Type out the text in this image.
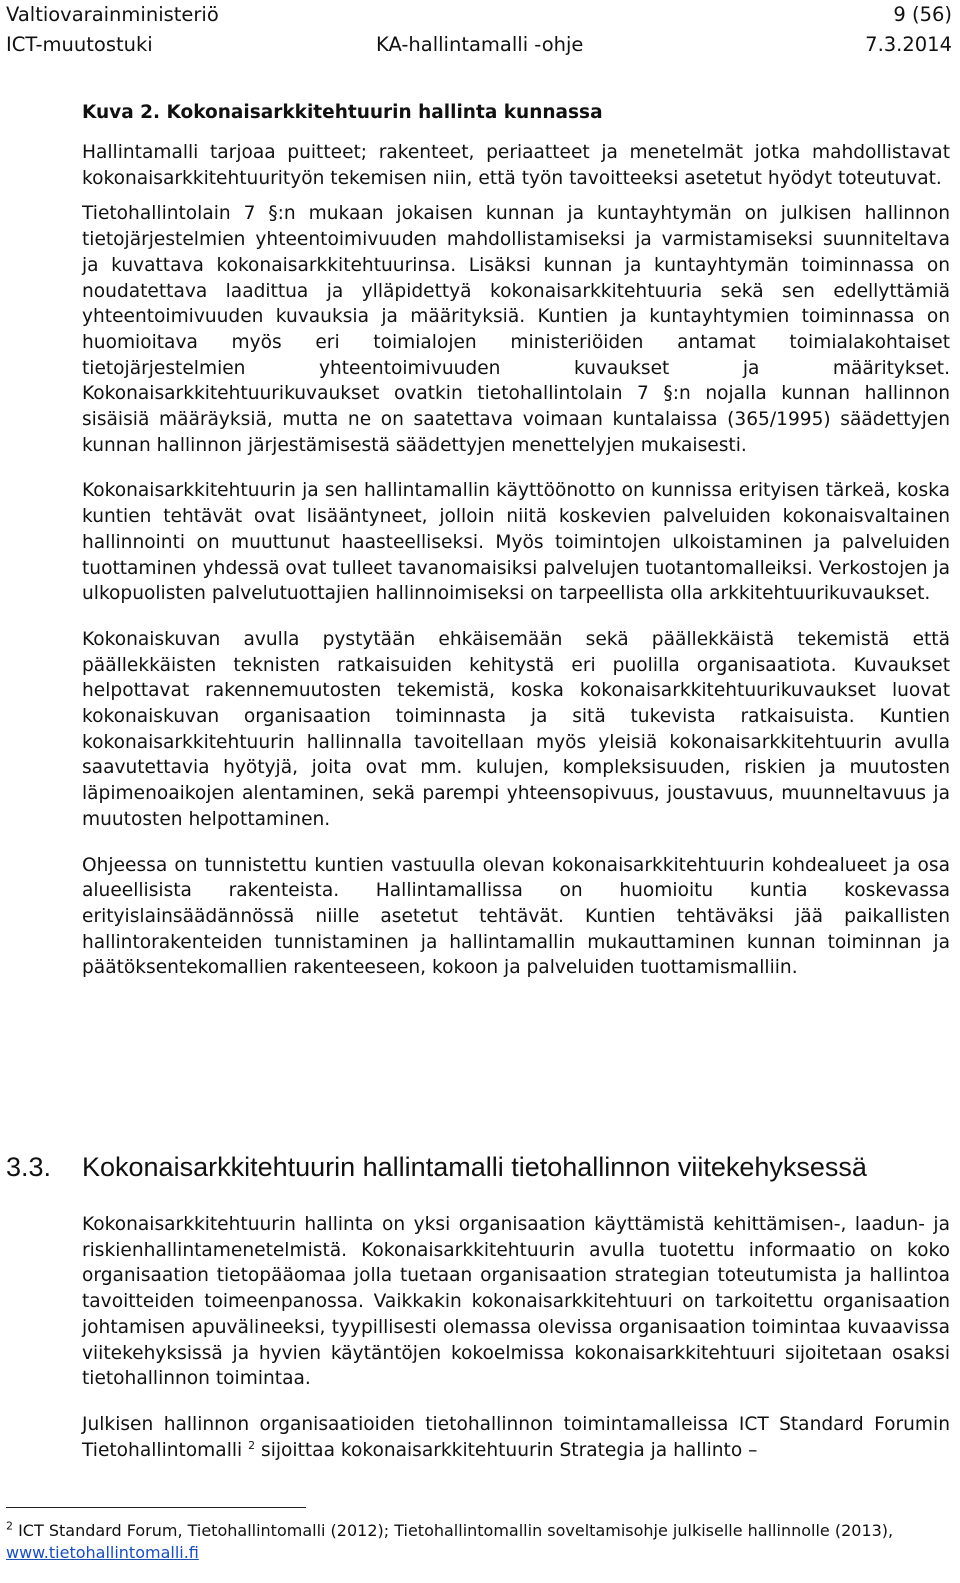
Valtiovarainministeriö	9 (56)
ICT-muutostuki	KA-hallintamalli -ohje	7.3.2014
Kuva 2. Kokonaisarkkitehtuurin hallinta kunnassa

Hallintamalli tarjoaa puitteet; rakenteet, periaatteet ja menetelmät jotka mahdollistavat kokonaisarkkitehtuurityön tekemisen niin, että työn tavoitteeksi asetetut hyödyt toteutuvat.

Tietohallintolain 7 §:n mukaan jokaisen kunnan ja kuntayhtymän on julkisen hallinnon tietojärjestelmien yhteentoimivuuden mahdollistamiseksi ja varmistamiseksi suunniteltava ja kuvattava kokonaisarkkitehtuurinsa. Lisäksi kunnan ja kuntayhtymän toiminnassa on noudatettava laadittua ja ylläpidettyä kokonaisarkkitehtuuria sekä sen edellyttämiä yhteentoimivuuden kuvauksia ja määrityksiä. Kuntien ja kuntayhtymien toiminnassa on huomioitava myös eri toimialojen ministeriöiden antamat toimialakohtaiset tietojärjestelmien yhteentoimivuuden kuvaukset ja määritykset. Kokonaisarkkitehtuurikuvaukset ovatkin tietohallintolain 7 §:n nojalla kunnan hallinnon sisäisiä määräyksiä, mutta ne on saatettava voimaan kuntalaissa (365/1995) säädettyjen kunnan hallinnon järjestämisestä säädettyjen menettelyjen mukaisesti.

Kokonaisarkkitehtuurin ja sen hallintamallin käyttöönotto on kunnissa erityisen tärkeä, koska kuntien tehtävät ovat lisääntyneet, jolloin niitä koskevien palveluiden kokonaisvaltainen hallinnointi on muuttunut haasteelliseksi. Myös toimintojen ulkoistaminen ja palveluiden tuottaminen yhdessä ovat tulleet tavanomaisiksi palvelujen tuotantomalleiksi. Verkostojen ja ulkopuolisten palvelutuottajien hallinnoimiseksi on tarpeellista olla arkkitehtuurikuvaukset.

Kokonaiskuvan avulla pystytään ehkäisemään sekä päällekkäistä tekemistä että päällekkäisten teknisten ratkaisuiden kehitystä eri puolilla organisaatiota. Kuvaukset helpottavat rakennemuutosten tekemistä, koska kokonaisarkkitehtuurikuvaukset luovat kokonaiskuvan organisaation toiminnasta ja sitä tukevista ratkaisuista. Kuntien kokonaisarkkitehtuurin hallinnalla tavoitellaan myös yleisiä kokonaisarkkitehtuurin avulla saavutettavia hyötyjä, joita ovat mm. kulujen, kompleksisuuden, riskien ja muutosten läpimenoaikojen alentaminen, sekä parempi yhteensopivuus, joustavuus, muunneltavuus ja muutosten helpottaminen.

Ohjeessa on tunnistettu kuntien vastuulla olevan kokonaisarkkitehtuurin kohdealueet ja osa alueellisista rakenteista. Hallintamallissa on huomioitu kuntia koskevassa erityislainsäädännössä niille asetetut tehtävät. Kuntien tehtäväksi jää paikallisten hallintorakenteiden tunnistaminen ja hallintamallin mukauttaminen kunnan toiminnan ja päätöksentekomallien rakenteeseen, kokoon ja palveluiden tuottamismalliin.

3.3. Kokonaisarkkitehtuurin hallintamalli tietohallinnon viitekehyksessä

Kokonaisarkkitehtuurin hallinta on yksi organisaation käyttämistä kehittämisen-, laadun- ja riskienhallintamenetelmistä. Kokonaisarkkitehtuurin avulla tuotettu informaatio on koko organisaation tietopääomaa jolla tuetaan organisaation strategian toteutumista ja hallintoa tavoitteiden toimeenpanossa. Vaikkakin kokonaisarkkitehtuuri on tarkoitettu organisaation johtamisen apuvälineeksi, tyypillisesti olemassa olevissa organisaation toimintaa kuvaavissa viitekehyksissä ja hyvien käytäntöjen kokoelmissa kokonaisarkkitehtuuri sijoitetaan osaksi tietohallinnon toimintaa.

Julkisen hallinnon organisaatioiden tietohallinnon toimintamalleissa ICT Standard Forumin Tietohallintomalli $^2$ sijoittaa kokonaisarkkitehtuurin Strategia ja hallinto –

$^2$ ICT Standard Forum, Tietohallintomalli (2012); Tietohallintomallin soveltamisohje julkiselle hallinnolle (2013),
www.tietohallintomalli.fi
